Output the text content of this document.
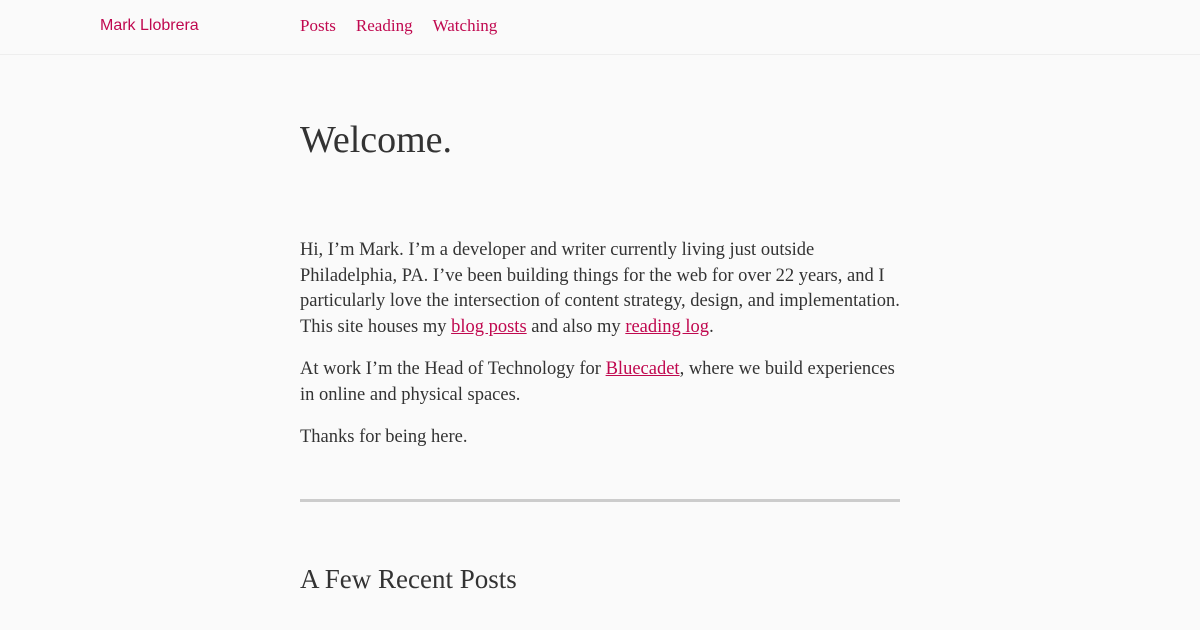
Mark Llobrera	Posts Reading Watching
Welcome.

Hi, I’m Mark. I’m a developer and writer currently living just outside Philadelphia, PA. I’ve been building things for the web for over 22 years, and I particularly love the intersection of content strategy, design, and implementation. This site houses my blog posts and also my reading log.

At work I’m the Head of Technology for Bluecadet, where we build experiences in online and physical spaces.

Thanks for being here.

A Few Recent Posts
